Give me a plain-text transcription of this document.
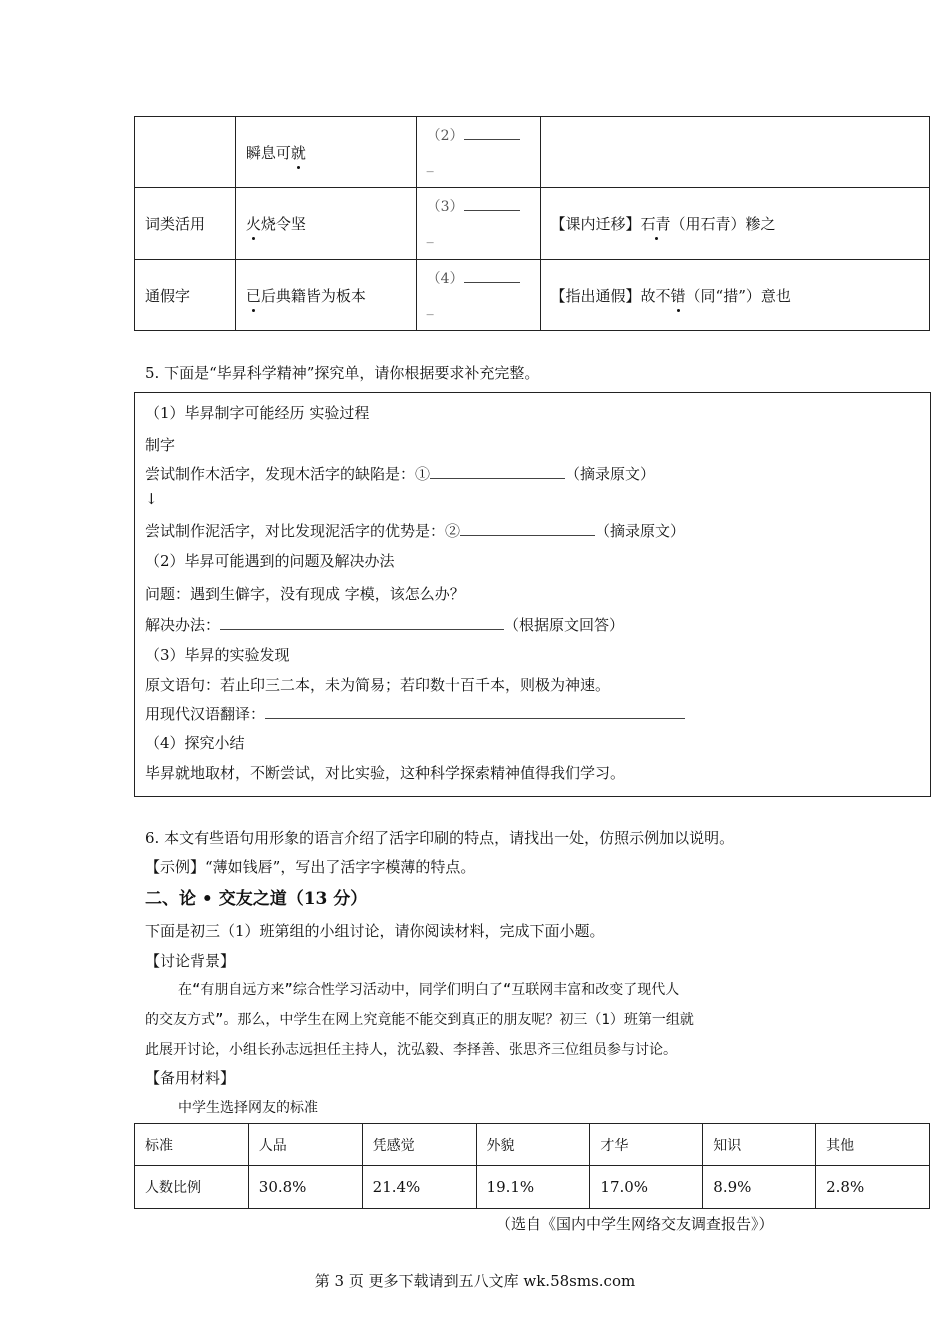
	瞬息可就	（2）
_	
词类活用	火烧令坚	（3）
_	【课内迁移】石青（用石青）糁之
通假字	已后典籍皆为板本	（4）
_	【指出通假】故不错（同“措”）意也
5. 下面是“毕昇科学精神”探究单，请你根据要求补充完整。
（1）毕昇制字可能经历 实验过程
制字
尝试制作木活字，发现木活字的缺陷是：①	（摘录原文）
↓
尝试制作泥活字，对比发现泥活字的优势是：②	（摘录原文）
（2）毕昇可能遇到的问题及解决办法
问题：遇到生僻字，没有现成 字模，该怎么办？
解决办法：	（根据原文回答）
（3）毕昇的实验发现
原文语句：若止印三二本，未为简易；若印数十百千本，则极为神速。
用现代汉语翻译：
（4）探究小结
毕昇就地取材，不断尝试，对比实验，这种科学探索精神值得我们学习。
6. 本文有些语句用形象的语言介绍了活字印刷的特点，请找出一处，仿照示例加以说明。
【示例】“薄如钱唇”，写出了活字字模薄的特点。
二、论 • 交友之道（13 分）
下面是初三（1）班第组的小组讨论，请你阅读材料，完成下面小题。
【讨论背景】
在“有朋自远方来”综合性学习活动中，同学们明白了“互联网丰富和改变了现代人
的交友方式”。那么，中学生在网上究竟能不能交到真正的朋友呢？初三（1）班第一组就
此展开讨论，小组长孙志远担任主持人，沈弘毅、李择善、张思齐三位组员参与讨论。
【备用材料】
中学生选择网友的标准
标准	人品	凭感觉	外貌	才华	知识	其他
人数比例	30.8%	21.4%	19.1%	17.0%	8.9%	2.8%
（选自《国内中学生网络交友调查报告》）
第 3 页 更多下载请到五八文库 wk.58sms.com
